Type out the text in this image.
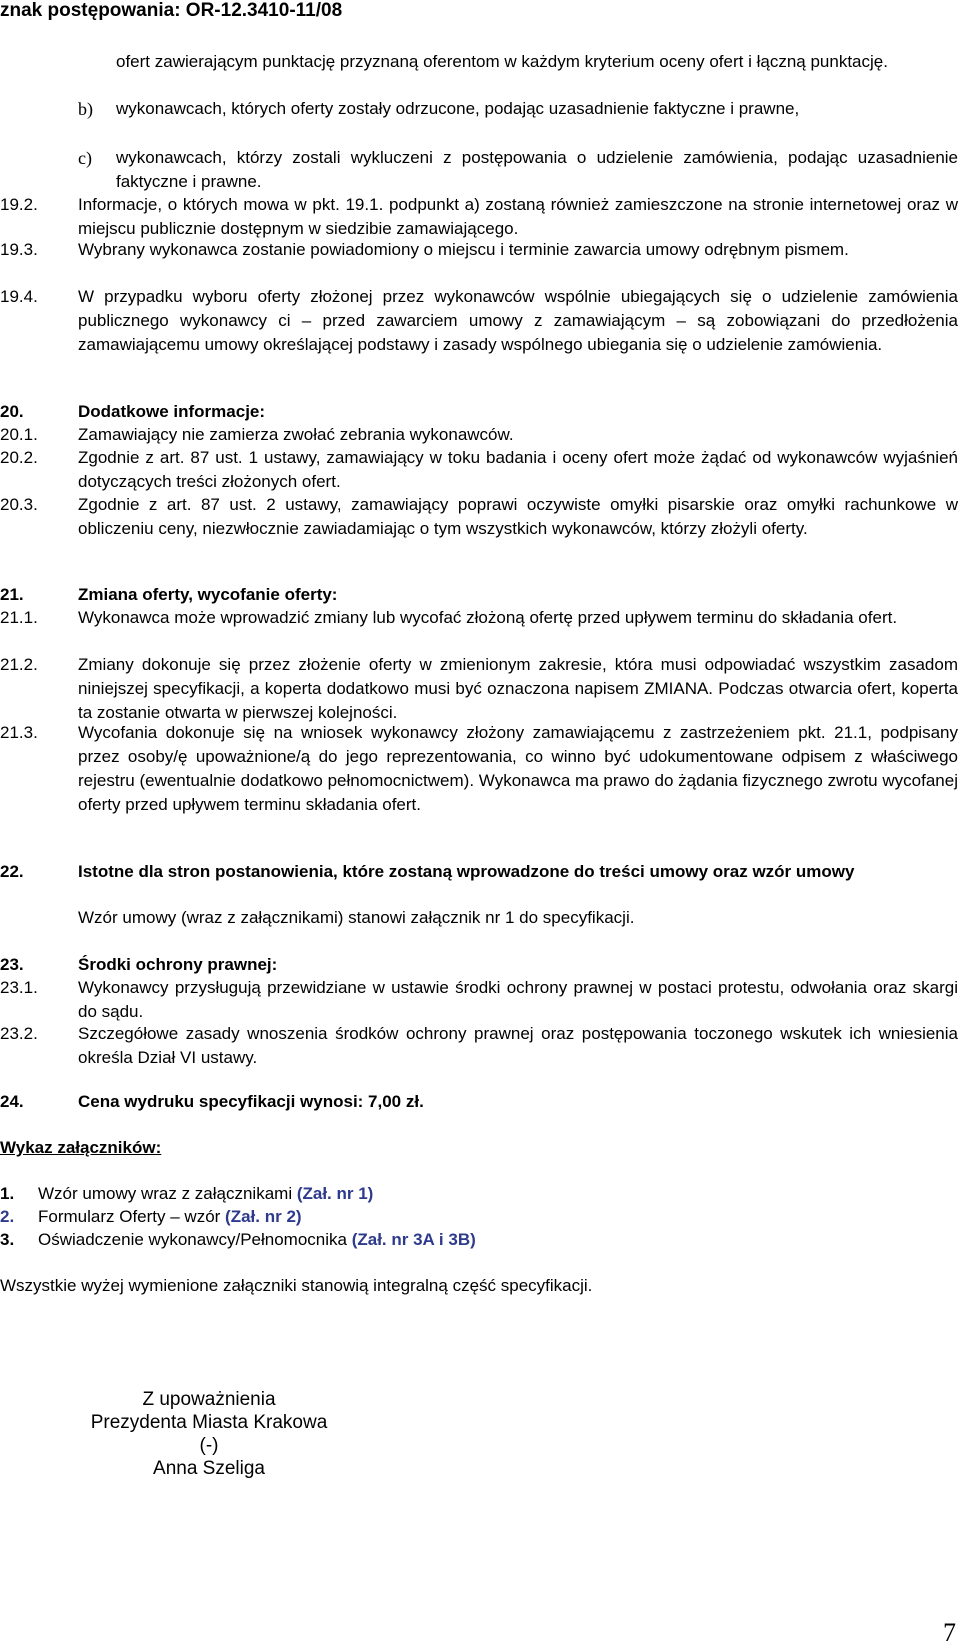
znak postępowania: OR-12.3410-11/08
ofert zawierającym punktację przyznaną oferentom w każdym kryterium oceny ofert i łączną punktację.
b) wykonawcach, których oferty zostały odrzucone, podając uzasadnienie faktyczne i prawne,
c) wykonawcach, którzy zostali wykluczeni z postępowania o udzielenie zamówienia, podając uzasadnienie faktyczne i prawne.
19.2. Informacje, o których mowa w pkt. 19.1. podpunkt a) zostaną również zamieszczone na stronie internetowej oraz w miejscu publicznie dostępnym w siedzibie zamawiającego.
19.3. Wybrany wykonawca zostanie powiadomiony o miejscu i terminie zawarcia umowy odrębnym pismem.
19.4. W przypadku wyboru oferty złożonej przez wykonawców wspólnie ubiegających się o udzielenie zamówienia publicznego wykonawcy ci – przed zawarciem umowy z zamawiającym – są zobowiązani do przedłożenia zamawiającemu umowy określającej podstawy i zasady wspólnego ubiegania się o udzielenie zamówienia.
20.	Dodatkowe informacje:
20.1. Zamawiający nie zamierza zwołać zebrania wykonawców.
20.2. Zgodnie z art. 87 ust. 1 ustawy, zamawiający w toku badania i oceny ofert może żądać od wykonawców wyjaśnień dotyczących treści złożonych ofert.
20.3. Zgodnie z art. 87 ust. 2 ustawy, zamawiający poprawi oczywiste omyłki pisarskie oraz omyłki rachunkowe w obliczeniu ceny, niezwłocznie zawiadamiając o tym wszystkich wykonawców, którzy złożyli oferty.
21.	Zmiana oferty, wycofanie oferty:
21.1. Wykonawca może wprowadzić zmiany lub wycofać złożoną ofertę przed upływem terminu do składania ofert.
21.2. Zmiany dokonuje się przez złożenie oferty w zmienionym zakresie, która musi odpowiadać wszystkim zasadom niniejszej specyfikacji, a koperta dodatkowo musi być oznaczona napisem ZMIANA. Podczas otwarcia ofert, koperta ta zostanie otwarta w pierwszej kolejności.
21.3. Wycofania dokonuje się na wniosek wykonawcy złożony zamawiającemu z zastrzeżeniem pkt. 21.1, podpisany przez osoby/ę upoważnione/ą do jego reprezentowania, co winno być udokumentowane odpisem z właściwego rejestru (ewentualnie dodatkowo pełnomocnictwem). Wykonawca ma prawo do żądania fizycznego zwrotu wycofanej oferty przed upływem terminu składania ofert.
22.	Istotne dla stron postanowienia, które zostaną wprowadzone do treści umowy oraz wzór umowy
Wzór umowy (wraz z załącznikami) stanowi załącznik nr 1 do specyfikacji.
23.	Środki ochrony prawnej:
23.1. Wykonawcy przysługują przewidziane w ustawie środki ochrony prawnej w postaci protestu, odwołania oraz skargi do sądu.
23.2. Szczegółowe zasady wnoszenia środków ochrony prawnej oraz postępowania toczonego wskutek ich wniesienia określa Dział VI ustawy.
24.	Cena wydruku specyfikacji wynosi: 7,00 zł.
Wykaz załączników:
1. Wzór umowy wraz z załącznikami (Zał. nr 1)
2. Formularz Oferty – wzór (Zał. nr 2)
3. Oświadczenie wykonawcy/Pełnomocnika (Zał. nr 3A i 3B)
Wszystkie wyżej wymienione załączniki stanowią integralną część specyfikacji.
Z upoważnienia
Prezydenta Miasta Krakowa
(-)
Anna Szeliga
7
